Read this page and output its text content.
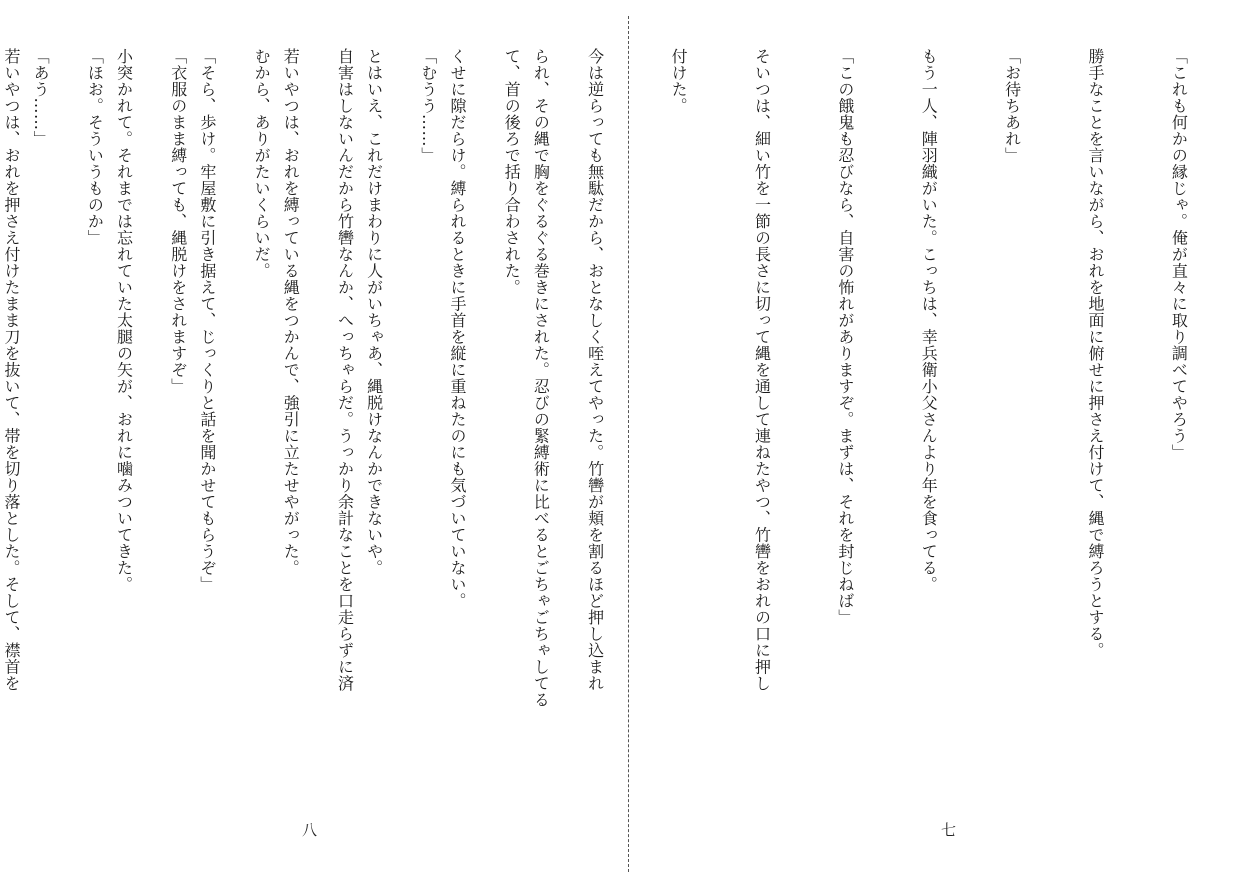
られ、その縄で胸をぐるぐる巻きにされた。忍びの緊縛術に比べるとごちゃごちゃしてる

くせに隙だらけ。縛られるときに手首を縦に重ねたのにも気づいていない。

とはいえ、これだけまわりに人がいちゃあ、縄脱けなんかできないや。

若いやつは、おれを縛っている縄をつかんで、強引に立たせやがった。

「そら、歩け。牢屋敷に引き据えて、じっくりと話を聞かせてもらうぞ」

小突かれて。それまでは忘れていた太腿の矢が、おれに噛みついてきた。

「あう……」

八

「これも何かの縁じゃ。俺が直々に取り調べてやろう」

勝手なことを言いながら、おれを地面に俯せに押さえ付けて、縄で縛ろうとする。

「お待ちあれ」

もう一人、陣羽織がいた。こっちは、幸兵衛小父さんより年を食ってる。

「この餓鬼も忍びなら、自害の怖れがありますぞ。まずは、それを封じねば」

そいつは、細い竹を一節の長さに切って縄を通して連ねたやつ、竹轡をおれの口に押し

付けた。

今は逆らっても無駄だから、おとなしく咥えてやった。竹轡が頬を割るほど押し込まれ

て、首の後ろで括り合わされた。

「むうう……」

自害はしないんだから竹轡なんか、へっちゃらだ。うっかり余計なことを口走らずに済

むから、ありがたいくらいだ。

「衣服のまま縛っても、縄脱けをされますぞ」

「ほお。そういうものか」

若いやつは、おれを押さえ付けたまま刀を抜いて、帯を切り落とした。そして、襟首を

七
